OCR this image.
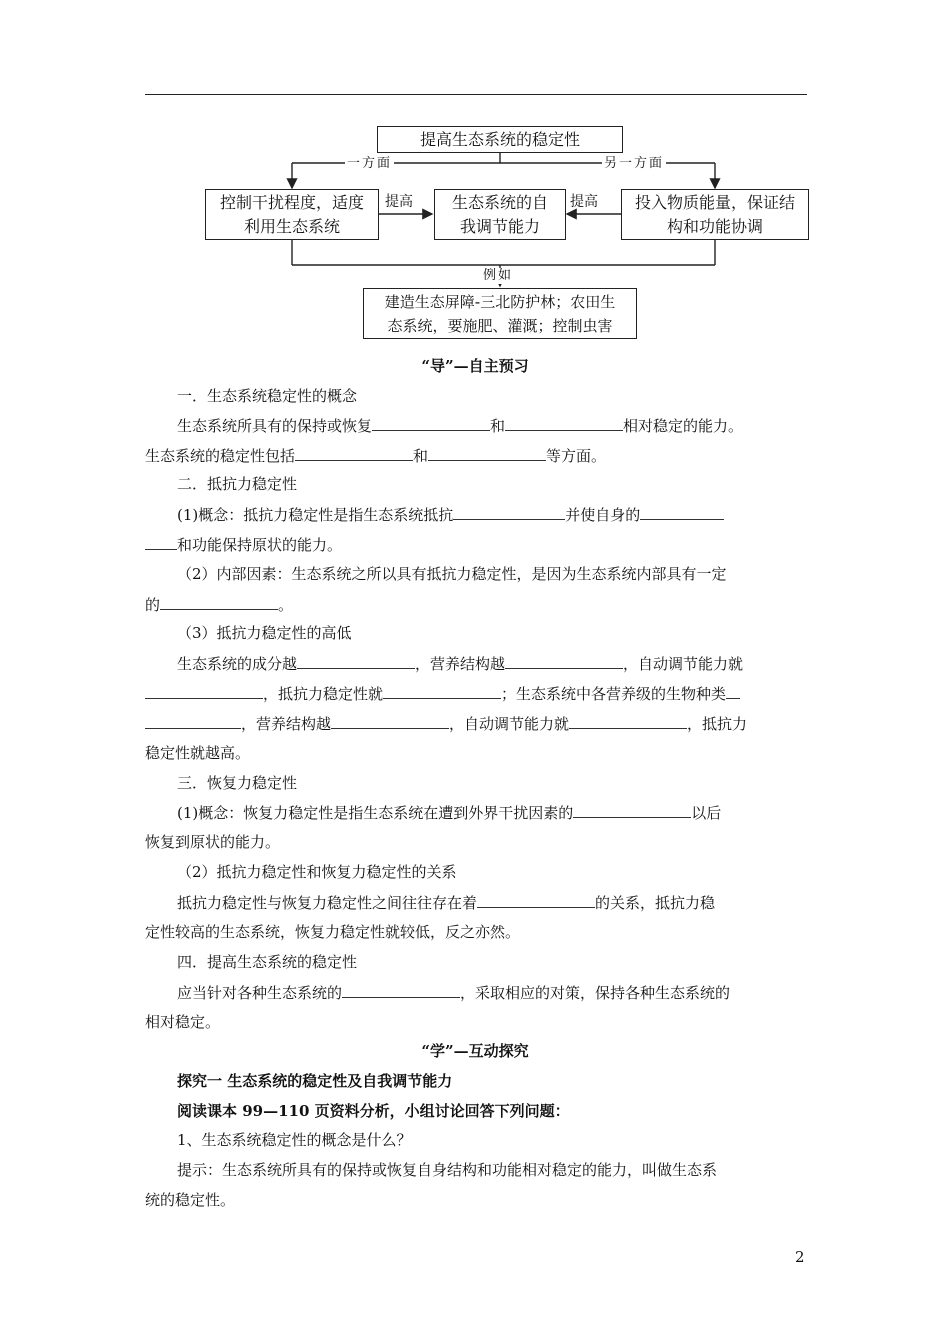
提高生态系统的稳定性
一方面	另一方面
控制干扰程度，适度
利用生态系统
提高 生态系统的自
我调节能力
提高 投入物质能量，保证结
构和功能协调
例如
建造生态屏障-三北防护林；农田生
态系统，要施肥、灌溉；控制虫害
“导”—自主预习
一．生态系统稳定性的概念
生态系统所具有的保持或恢复	和	相对稳定的能力。
生态系统的稳定性包括	和	等方面。
二．抵抗力稳定性
(1)概念：抵抗力稳定性是指生态系统抵抗	并使自身的
和功能保持原状的能力。
（2）内部因素：生态系统之所以具有抵抗力稳定性，是因为生态系统内部具有一定
的	。
（3）抵抗力稳定性的高低
生态系统的成分越	，营养结构越	，自动调节能力就
，抵抗力稳定性就	；生态系统中各营养级的生物种类
，营养结构越	，自动调节能力就	，抵抗力
稳定性就越高。
三．恢复力稳定性
(1)概念：恢复力稳定性是指生态系统在遭到外界干扰因素的	以后
恢复到原状的能力。
（2）抵抗力稳定性和恢复力稳定性的关系
抵抗力稳定性与恢复力稳定性之间往往存在着	的关系，抵抗力稳
定性较高的生态系统，恢复力稳定性就较低，反之亦然。
四．提高生态系统的稳定性
应当针对各种生态系统的	，采取相应的对策，保持各种生态系统的
相对稳定。
“学”—互动探究
探究一 生态系统的稳定性及自我调节能力
阅读课本 99—110 页资料分析，小组讨论回答下列问题：
1、生态系统稳定性的概念是什么？
提示：生态系统所具有的保持或恢复自身结构和功能相对稳定的能力，叫做生态系
统的稳定性。
2
